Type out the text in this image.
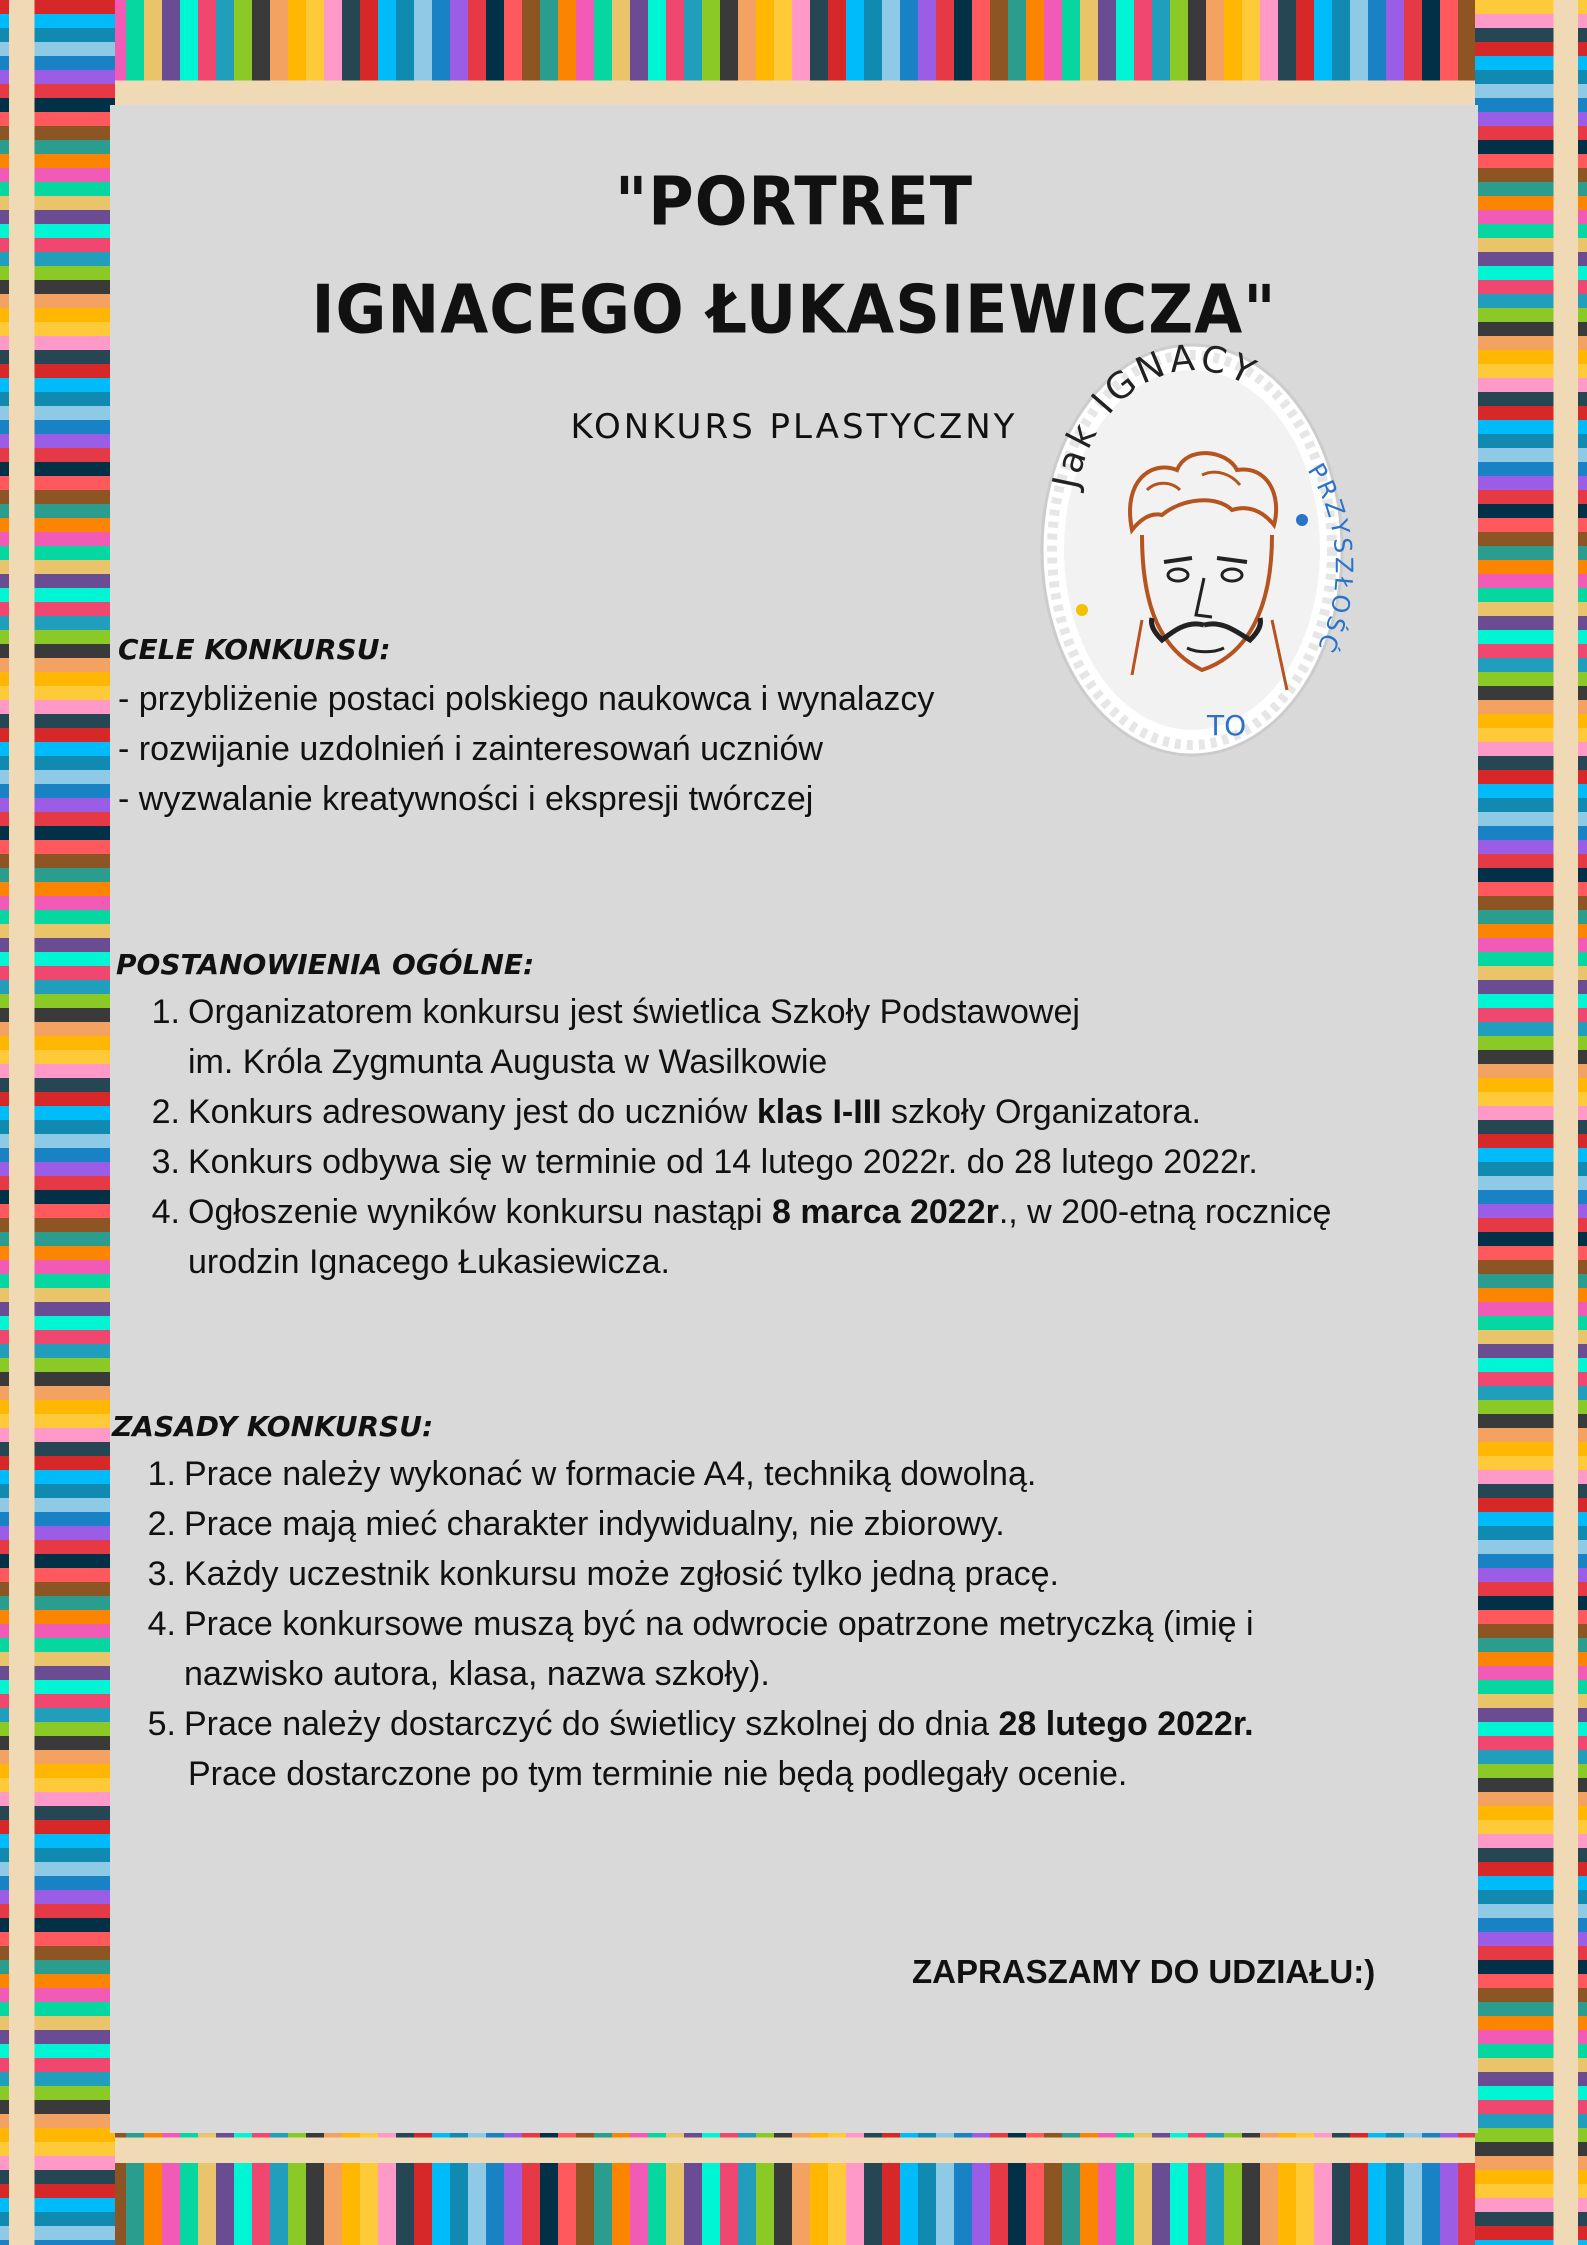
"PORTRET
IGNACEGO ŁUKASIEWICZA"
KONKURS PLASTYCZNY
CELE KONKURSU:
- przybliżenie postaci polskiego naukowca i wynalazcy
- rozwijanie uzdolnień i zainteresowań uczniów
- wyzwalanie kreatywności i ekspresji twórczej
POSTANOWIENIA OGÓLNE:
1. Organizatorem konkursu jest świetlica Szkoły Podstawowej
im. Króla Zygmunta Augusta w Wasilkowie
2. Konkurs adresowany jest do uczniów klas I-III szkoły Organizatora.
3. Konkurs odbywa się w terminie od 14 lutego 2022r. do 28 lutego 2022r.
4. Ogłoszenie wyników konkursu nastąpi 8 marca 2022r., w 200-etną rocznicę
urodzin Ignacego Łukasiewicza.
ZASADY KONKURSU:
1. Prace należy wykonać w formacie A4, techniką dowolną.
2. Prace mają mieć charakter indywidualny, nie zbiorowy.
3. Każdy uczestnik konkursu może zgłosić tylko jedną pracę.
4. Prace konkursowe muszą być na odwrocie opatrzone metryczką (imię i
nazwisko autora, klasa, nazwa szkoły).
5. Prace należy dostarczyć do świetlicy szkolnej do dnia 28 lutego 2022r.
Prace dostarczone po tym terminie nie będą podlegały ocenie.
ZAPRASZAMY DO UDZIAŁU:)
Jak IGNACY
PRZYSZŁOŚĆ
TO
